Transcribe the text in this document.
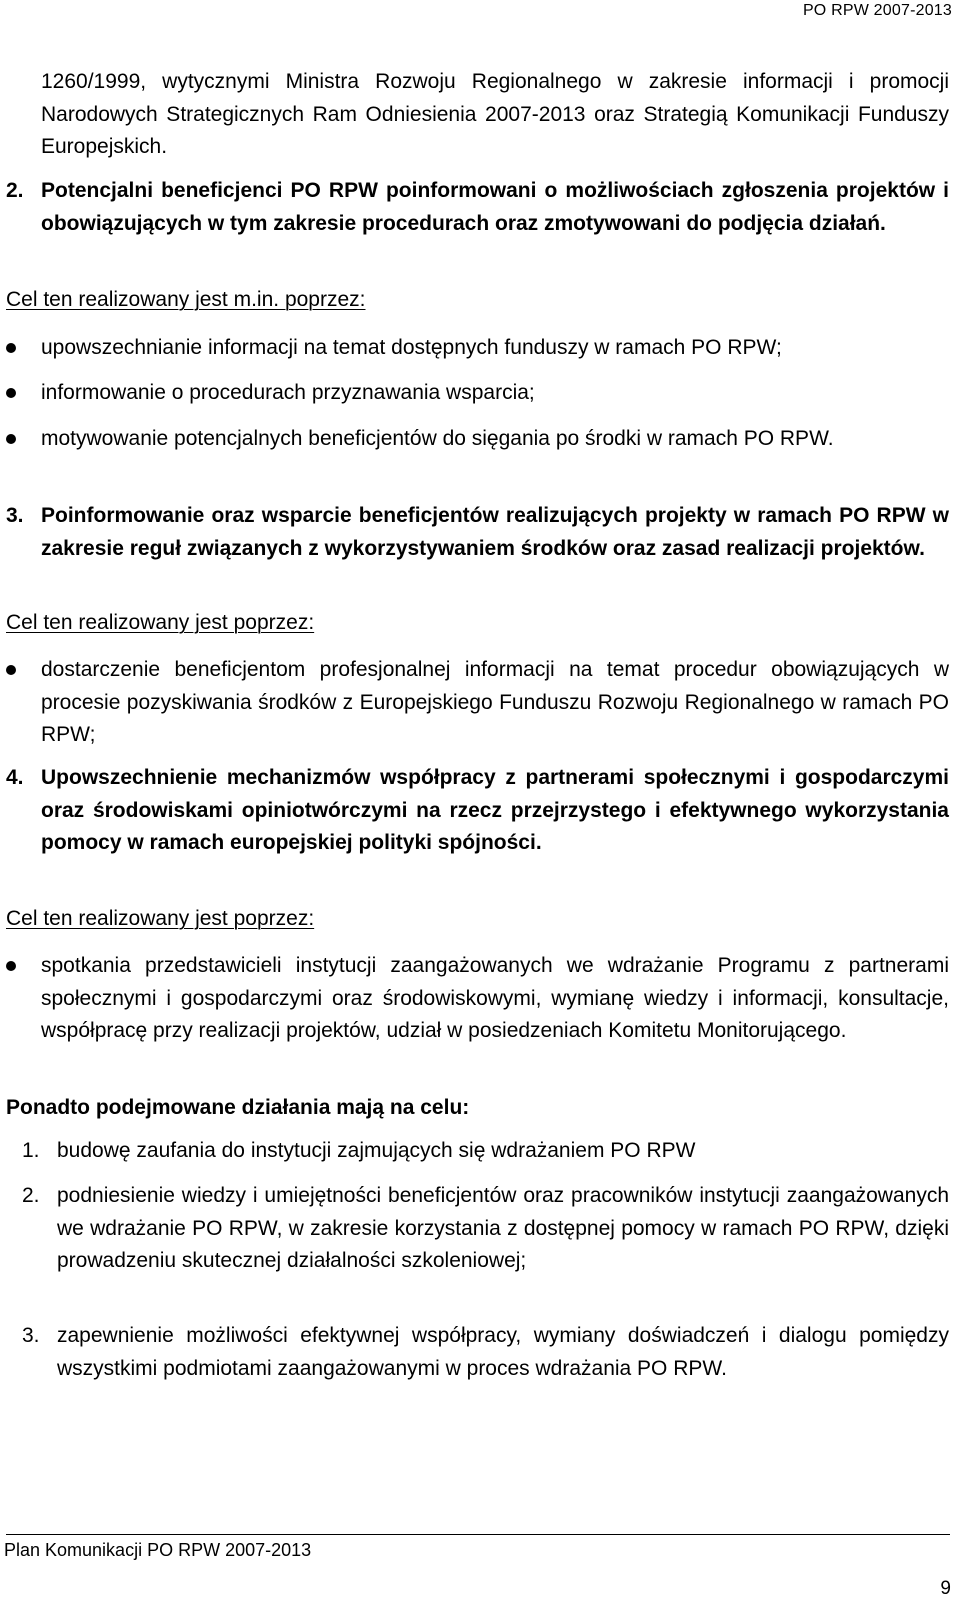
PO RPW 2007-2013
1260/1999, wytycznymi Ministra Rozwoju Regionalnego w zakresie informacji i promocji Narodowych Strategicznych Ram Odniesienia 2007-2013 oraz Strategią Komunikacji Funduszy Europejskich.
2. Potencjalni beneficjenci PO RPW poinformowani o możliwościach zgłoszenia projektów i obowiązujących w tym zakresie procedurach oraz zmotywowani do podjęcia działań.
Cel ten realizowany jest m.in. poprzez:
upowszechnianie informacji na temat dostępnych funduszy w ramach PO RPW;
informowanie o procedurach przyznawania wsparcia;
motywowanie potencjalnych beneficjentów do sięgania po środki w ramach PO RPW.
3. Poinformowanie oraz wsparcie beneficjentów realizujących projekty w ramach PO RPW w zakresie reguł związanych z wykorzystywaniem środków oraz zasad realizacji projektów.
Cel ten realizowany jest poprzez:
dostarczenie beneficjentom profesjonalnej informacji na temat procedur obowiązujących w procesie pozyskiwania środków z Europejskiego Funduszu Rozwoju Regionalnego w ramach PO RPW;
4. Upowszechnienie mechanizmów współpracy z partnerami społecznymi i gospodarczymi oraz środowiskami opiniotwórczymi na rzecz przejrzystego i efektywnego wykorzystania pomocy w ramach europejskiej polityki spójności.
Cel ten realizowany jest poprzez:
spotkania przedstawicieli instytucji zaangażowanych we wdrażanie Programu z partnerami społecznymi i gospodarczymi oraz środowiskowymi, wymianę wiedzy i informacji, konsultacje, współpracę przy realizacji projektów, udział w posiedzeniach Komitetu Monitorującego.
Ponadto podejmowane działania mają na celu:
1. budowę zaufania do instytucji zajmujących się wdrażaniem PO RPW
2. podniesienie wiedzy i umiejętności beneficjentów oraz pracowników instytucji zaangażowanych we wdrażanie PO RPW, w zakresie korzystania z dostępnej pomocy w ramach PO RPW, dzięki prowadzeniu skutecznej działalności szkoleniowej;
3. zapewnienie możliwości efektywnej współpracy, wymiany doświadczeń i dialogu pomiędzy wszystkimi podmiotami zaangażowanymi w proces wdrażania PO RPW.
Plan Komunikacji PO RPW 2007-2013
9
